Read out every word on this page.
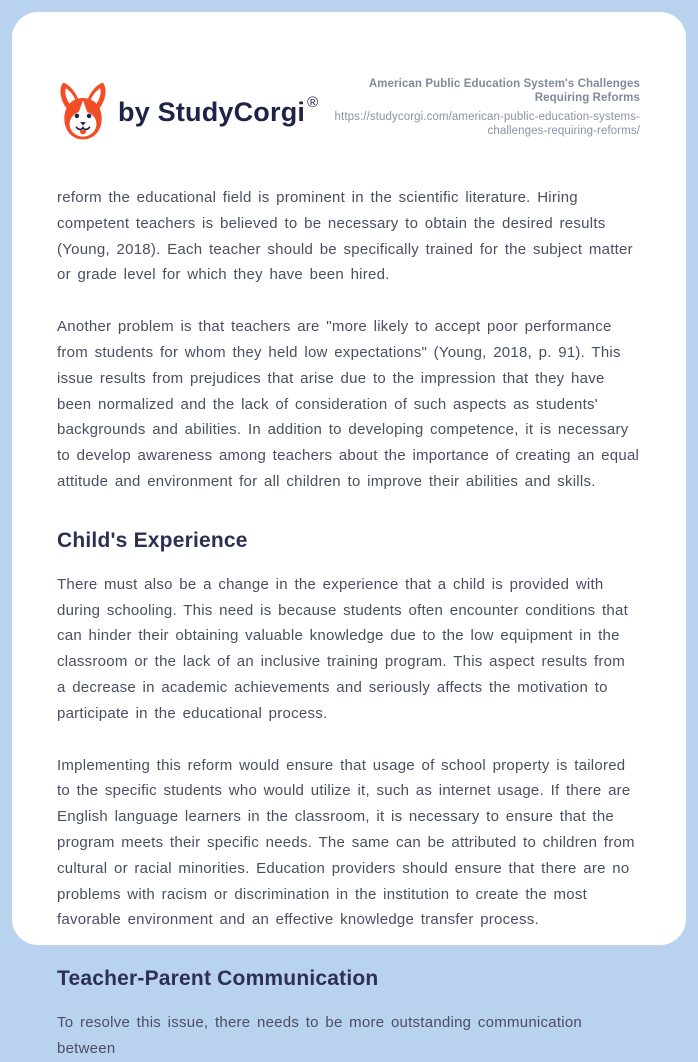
by StudyCorgi ®
American Public Education System's Challenges Requiring Reforms
https://studycorgi.com/american-public-education-systems-challenges-requiring-reforms/

reform the educational field is prominent in the scientific literature. Hiring competent teachers is believed to be necessary to obtain the desired results (Young, 2018). Each teacher should be specifically trained for the subject matter or grade level for which they have been hired.

Another problem is that teachers are "more likely to accept poor performance from students for whom they held low expectations" (Young, 2018, p. 91). This issue results from prejudices that arise due to the impression that they have been normalized and the lack of consideration of such aspects as students' backgrounds and abilities. In addition to developing competence, it is necessary to develop awareness among teachers about the importance of creating an equal attitude and environment for all children to improve their abilities and skills.

Child's Experience

There must also be a change in the experience that a child is provided with during schooling. This need is because students often encounter conditions that can hinder their obtaining valuable knowledge due to the low equipment in the classroom or the lack of an inclusive training program. This aspect results from a decrease in academic achievements and seriously affects the motivation to participate in the educational process.

Implementing this reform would ensure that usage of school property is tailored to the specific students who would utilize it, such as internet usage. If there are English language learners in the classroom, it is necessary to ensure that the program meets their specific needs. The same can be attributed to children from cultural or racial minorities. Education providers should ensure that there are no problems with racism or discrimination in the institution to create the most favorable environment and an effective knowledge transfer process.

Teacher-Parent Communication

To resolve this issue, there needs to be more outstanding communication between
